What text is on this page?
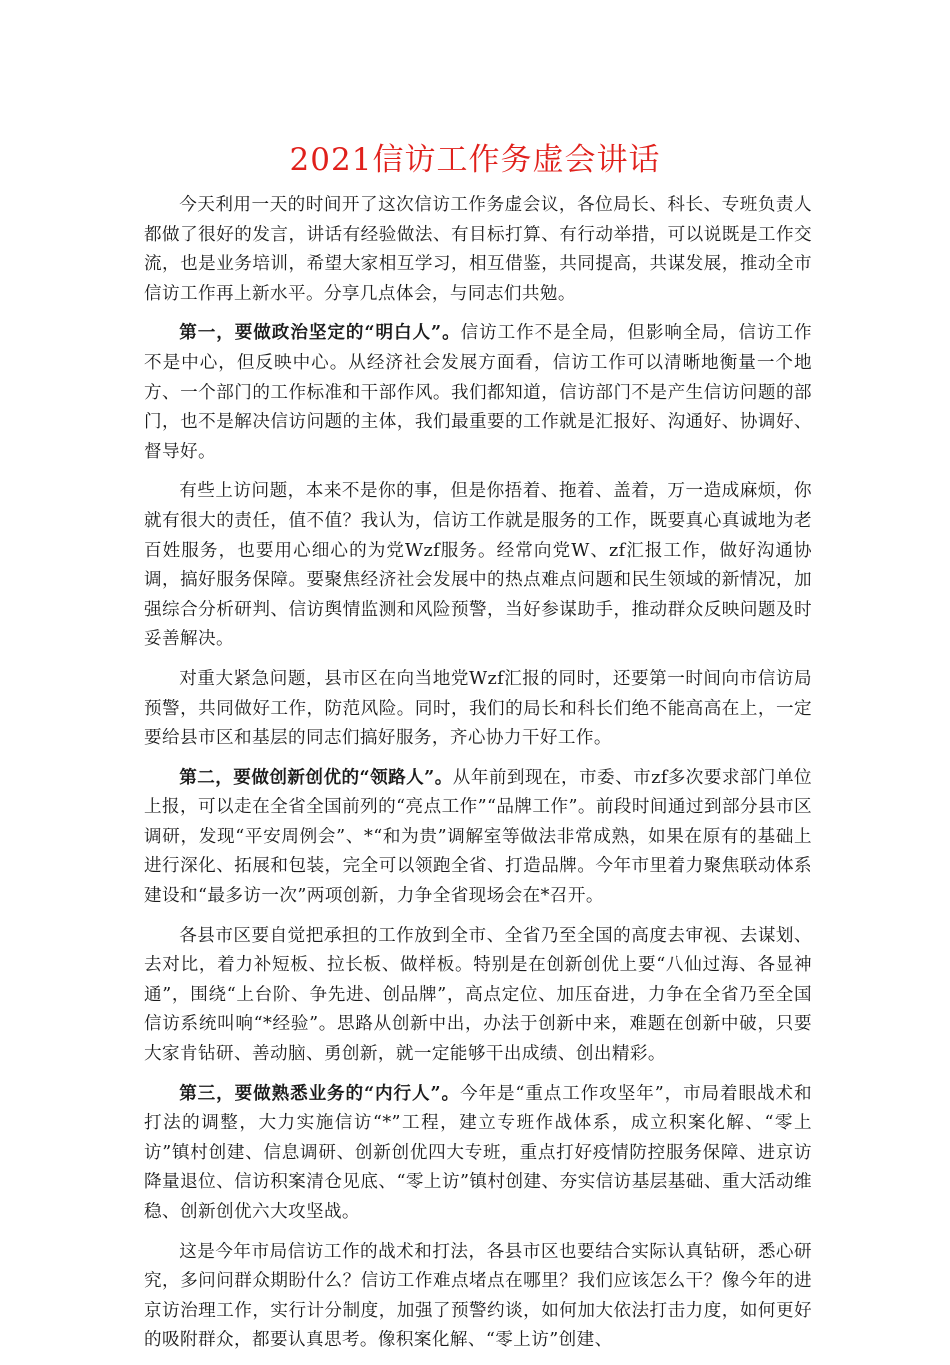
2021信访工作务虚会讲话

今天利用一天的时间开了这次信访工作务虚会议，各位局长、科长、专班负责人都做了很好的发言，讲话有经验做法、有目标打算、有行动举措，可以说既是工作交流，也是业务培训，希望大家相互学习，相互借鉴，共同提高，共谋发展，推动全市信访工作再上新水平。分享几点体会，与同志们共勉。

第一，要做政治坚定的“明白人”。信访工作不是全局，但影响全局，信访工作不是中心，但反映中心。从经济社会发展方面看，信访工作可以清晰地衡量一个地方、一个部门的工作标准和干部作风。我们都知道，信访部门不是产生信访问题的部门，也不是解决信访问题的主体，我们最重要的工作就是汇报好、沟通好、协调好、督导好。

有些上访问题，本来不是你的事，但是你捂着、拖着、盖着，万一造成麻烦，你就有很大的责任，值不值？我认为，信访工作就是服务的工作，既要真心真诚地为老百姓服务，也要用心细心的为党Wzf服务。经常向党W、zf汇报工作，做好沟通协调，搞好服务保障。要聚焦经济社会发展中的热点难点问题和民生领域的新情况，加强综合分析研判、信访舆情监测和风险预警，当好参谋助手，推动群众反映问题及时妥善解决。

对重大紧急问题，县市区在向当地党Wzf汇报的同时，还要第一时间向市信访局预警，共同做好工作，防范风险。同时，我们的局长和科长们绝不能高高在上，一定要给县市区和基层的同志们搞好服务，齐心协力干好工作。

第二，要做创新创优的“领路人”。从年前到现在，市委、市zf多次要求部门单位上报，可以走在全省全国前列的“亮点工作”“品牌工作”。前段时间通过到部分县市区调研，发现“平安周例会”、*“和为贵”调解室等做法非常成熟，如果在原有的基础上进行深化、拓展和包装，完全可以领跑全省、打造品牌。今年市里着力聚焦联动体系建设和“最多访一次”两项创新，力争全省现场会在*召开。

各县市区要自觉把承担的工作放到全市、全省乃至全国的高度去审视、去谋划、去对比，着力补短板、拉长板、做样板。特别是在创新创优上要“八仙过海、各显神通”，围绕“上台阶、争先进、创品牌”，高点定位、加压奋进，力争在全省乃至全国信访系统叫响“*经验”。思路从创新中出，办法于创新中来，难题在创新中破，只要大家肯钻研、善动脑、勇创新，就一定能够干出成绩、创出精彩。

第三，要做熟悉业务的“内行人”。今年是“重点工作攻坚年”，市局着眼战术和打法的调整，大力实施信访“*”工程，建立专班作战体系，成立积案化解、“零上访”镇村创建、信息调研、创新创优四大专班，重点打好疫情防控服务保障、进京访降量退位、信访积案清仓见底、“零上访”镇村创建、夯实信访基层基础、重大活动维稳、创新创优六大攻坚战。

这是今年市局信访工作的战术和打法，各县市区也要结合实际认真钻研，悉心研究，多问问群众期盼什么？信访工作难点堵点在哪里？我们应该怎么干？像今年的进京访治理工作，实行计分制度，加强了预警约谈，如何加大依法打击力度，如何更好的吸附群众，都要认真思考。像积案化解、“零上访”创建、
